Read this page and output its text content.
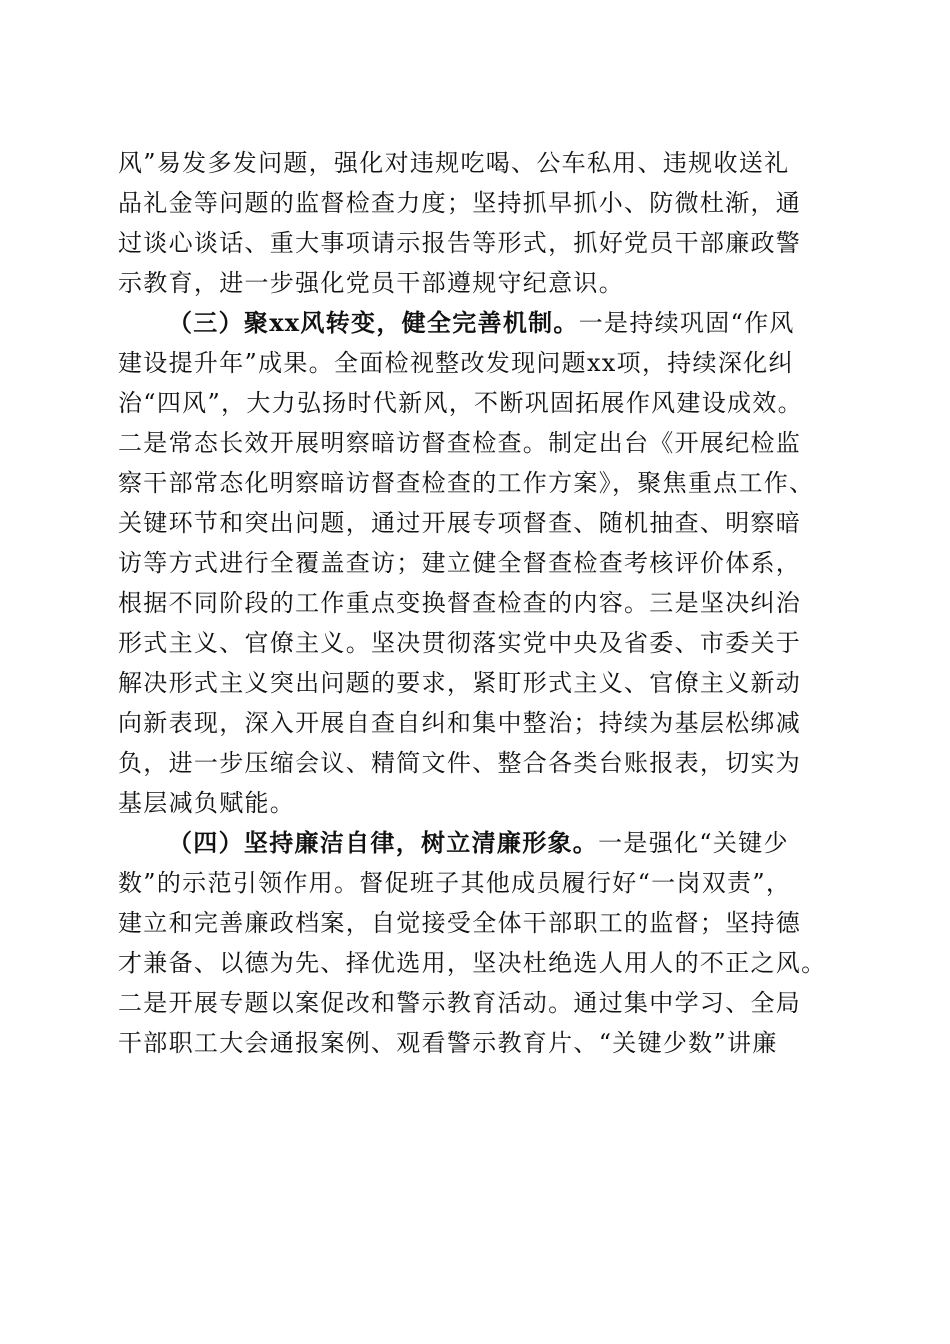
风”易发多发问题，强化对违规吃喝、公车私用、违规收送礼
品礼金等问题的监督检查力度；坚持抓早抓小、防微杜渐，通
过谈心谈话、重大事项请示报告等形式，抓好党员干部廉政警
示教育，进一步强化党员干部遵规守纪意识。
（三）聚xx风转变，健全完善机制。一是持续巩固“作风
建设提升年”成果。全面检视整改发现问题xx项，持续深化纠
治“四风”，大力弘扬时代新风，不断巩固拓展作风建设成效。
二是常态长效开展明察暗访督查检查。制定出台《开展纪检监
察干部常态化明察暗访督查检查的工作方案》，聚焦重点工作、
关键环节和突出问题，通过开展专项督查、随机抽查、明察暗
访等方式进行全覆盖查访；建立健全督查检查考核评价体系，
根据不同阶段的工作重点变换督查检查的内容。三是坚决纠治
形式主义、官僚主义。坚决贯彻落实党中央及省委、市委关于
解决形式主义突出问题的要求，紧盯形式主义、官僚主义新动
向新表现，深入开展自查自纠和集中整治；持续为基层松绑减
负，进一步压缩会议、精简文件、整合各类台账报表，切实为
基层减负赋能。
（四）坚持廉洁自律，树立清廉形象。一是强化“关键少
数”的示范引领作用。督促班子其他成员履行好“一岗双责”，
建立和完善廉政档案，自觉接受全体干部职工的监督；坚持德
才兼备、以德为先、择优选用，坚决杜绝选人用人的不正之风。
二是开展专题以案促改和警示教育活动。通过集中学习、全局
干部职工大会通报案例、观看警示教育片、“关键少数”讲廉
